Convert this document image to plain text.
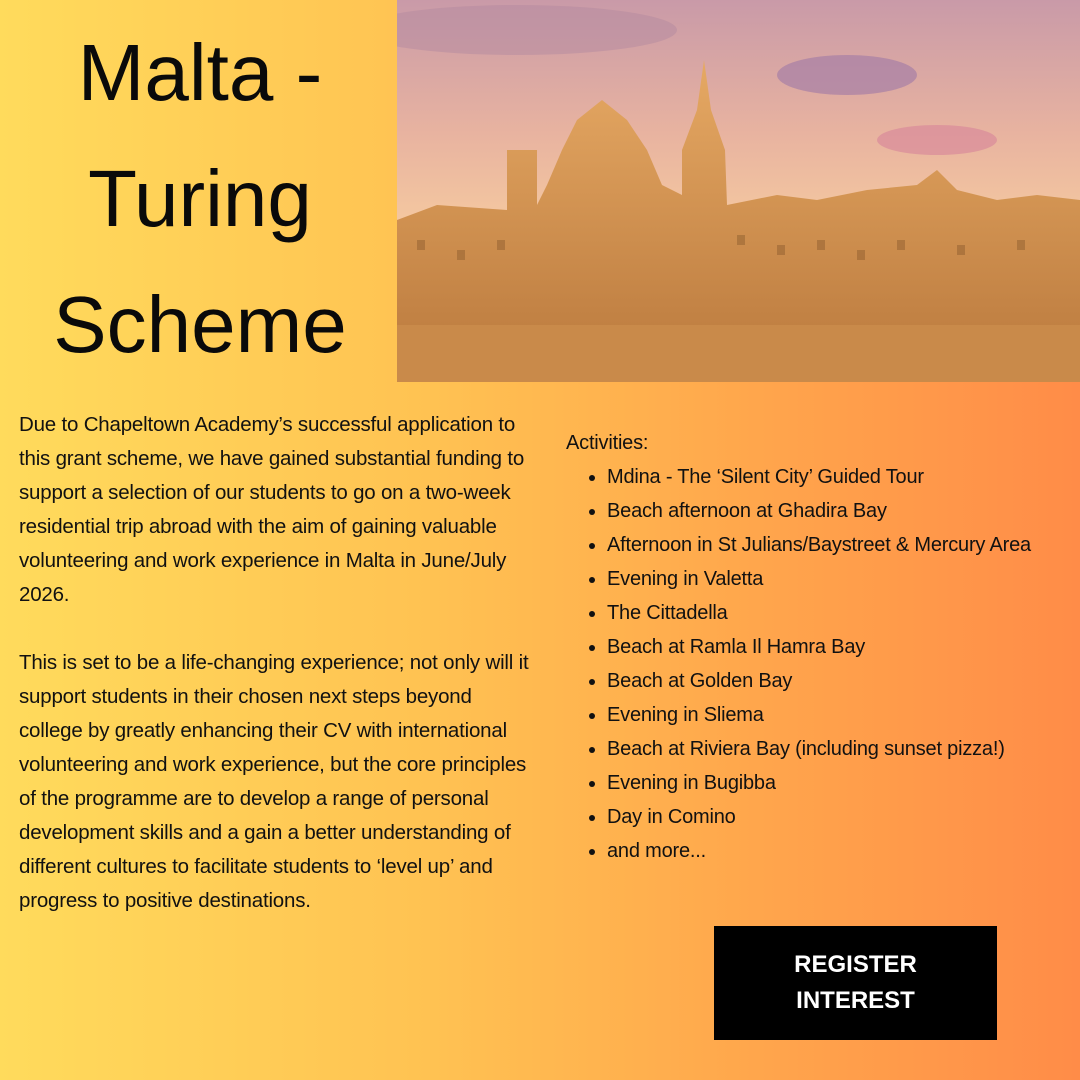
Malta -
Turing
Scheme

Due to Chapeltown Academy’s successful application to this grant scheme, we have gained substantial funding to support a selection of our students to go on a two-week residential trip abroad with the aim of gaining valuable volunteering and work experience in Malta in June/July 2026.

This is set to be a life-changing experience; not only will it support students in their chosen next steps beyond college by greatly enhancing their CV with international volunteering and work experience, but the core principles of the programme are to develop a range of personal development skills and a gain a better understanding of different cultures to facilitate students to ‘level up’ and progress to positive destinations.

Activities:
• Mdina - The ‘Silent City’ Guided Tour
• Beach afternoon at Ghadira Bay
• Afternoon in St Julians/Baystreet & Mercury Area
• Evening in Valetta
• The Cittadella
• Beach at Ramla Il Hamra Bay
• Beach at Golden Bay
• Evening in Sliema
• Beach at Riviera Bay (including sunset pizza!)
• Evening in Bugibba
• Day in Comino
• and more...
REGISTER INTEREST
